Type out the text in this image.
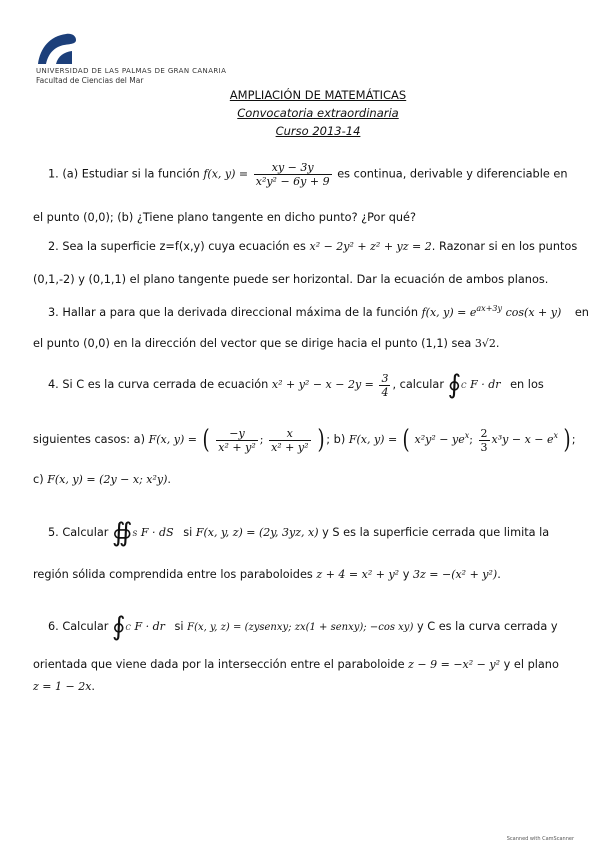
UNIVERSIDAD DE LAS PALMAS DE GRAN CANARIA
Facultad de Ciencias del Mar
AMPLIACIÓN DE MATEMÁTICAS
Convocatoria extraordinaria
Curso 2013-14
1. (a) Estudiar si la función f(x, $y) = \frac{xy - 3y}{\text{x²y² − 6y + 9}}$ es continua, derivable y diferenciable en
el punto (0,0); (b) ¿Tiene plano tangente en dicho punto? ¿Por qué?
2. Sea la superficie z=f(x,y) cuya ecuación es x² − 2y² + z² + yz = 2. Razonar si en los puntos
(0,1,-2) y (0,1,1) el plano tangente puede ser horizontal. Dar la ecuación de ambos planos.
3. Hallar a para que la derivada direccional máxima de la función f(x, $y) = e^{ax+3y}$ cos(x + y) en
el punto (0,0) en la dirección del vector que se dirige hacia el punto (1,1) sea 3√2.
4. Si C es la curva cerrada de ecuación $x^2 + y^2 - x - 2y = \frac{3}{4}$ , calcular ∮C F · dr en los
siguientes casos: a) F(x, y) = ( $\frac{-y}{\text{x² + y²}}$ ; $\frac{x}{\text{x² + y²}}$ ) ; b) F(x, y) = ( $x^2y^2 - ye^x$; $\frac{2}{3} x^3y - x - e^x$ ) ;
c) F(x, y) = (2y − x; x²y).
5. Calcular ∯S F · dS si F(x, y, z) = (2y, 3yz, x) y S es la superficie cerrada que limita la
región sólida comprendida entre los paraboloides z + 4 = x² + y² y 3z = −(x² + y²).
6. Calcular ∮C F · dr si F(x, y, z) = (zysenxy; zx(1 + senxy); −cos xy) y C es la curva cerrada y
orientada que viene dada por la intersección entre el paraboloide z − 9 = −x² − y² y el plano
z = 1 − 2x.
Scanned with CamScanner
